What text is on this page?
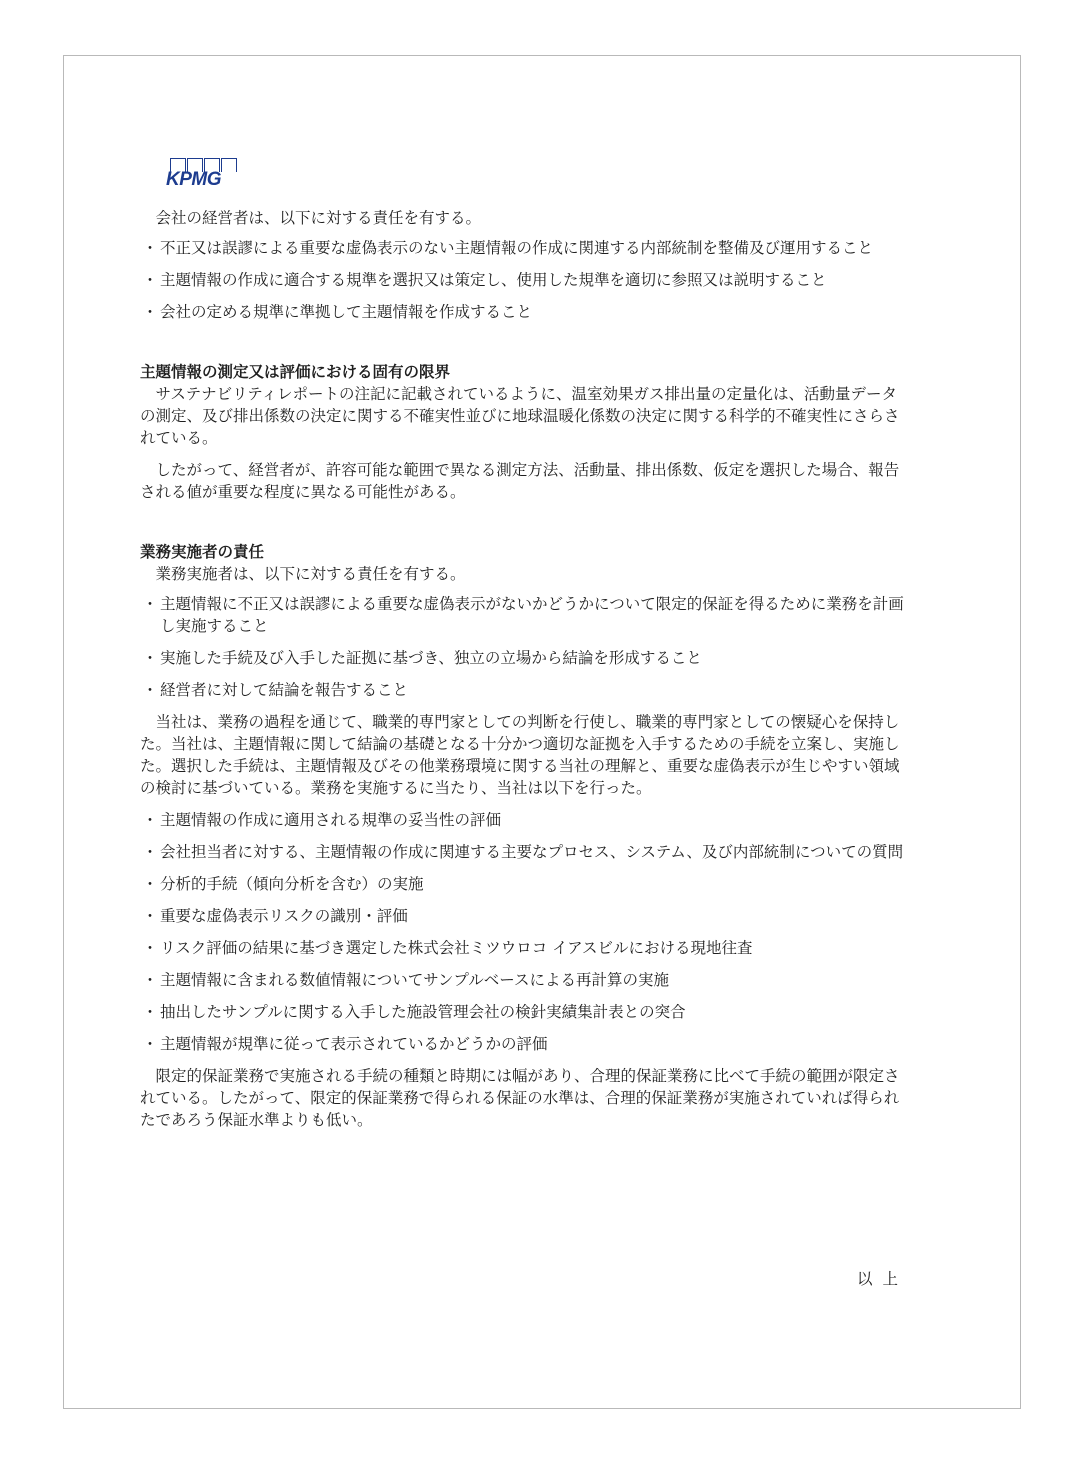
KPMG

会社の経営者は、以下に対する責任を有する。

・ 不正又は誤謬による重要な虚偽表示のない主題情報の作成に関連する内部統制を整備及び運用すること

・ 主題情報の作成に適合する規準を選択又は策定し、使用した規準を適切に参照又は説明すること

・ 会社の定める規準に準拠して主題情報を作成すること

主題情報の測定又は評価における固有の限界

サステナビリティレポートの注記に記載されているように、温室効果ガス排出量の定量化は、活動量データの測定、及び排出係数の決定に関する不確実性並びに地球温暖化係数の決定に関する科学的不確実性にさらされている。

したがって、経営者が、許容可能な範囲で異なる測定方法、活動量、排出係数、仮定を選択した場合、報告される値が重要な程度に異なる可能性がある。

業務実施者の責任

業務実施者は、以下に対する責任を有する。

・ 主題情報に不正又は誤謬による重要な虚偽表示がないかどうかについて限定的保証を得るために業務を計画し実施すること

・ 実施した手続及び入手した証拠に基づき、独立の立場から結論を形成すること

・ 経営者に対して結論を報告すること

当社は、業務の過程を通じて、職業的専門家としての判断を行使し、職業的専門家としての懐疑心を保持した。当社は、主題情報に関して結論の基礎となる十分かつ適切な証拠を入手するための手続を立案し、実施した。選択した手続は、主題情報及びその他業務環境に関する当社の理解と、重要な虚偽表示が生じやすい領域の検討に基づいている。業務を実施するに当たり、当社は以下を行った。

・ 主題情報の作成に適用される規準の妥当性の評価

・ 会社担当者に対する、主題情報の作成に関連する主要なプロセス、システム、及び内部統制についての質問

・ 分析的手続（傾向分析を含む）の実施

・ 重要な虚偽表示リスクの識別・評価

・ リスク評価の結果に基づき選定した株式会社ミツウロコ イアスビルにおける現地往査

・ 主題情報に含まれる数値情報についてサンプルベースによる再計算の実施

・ 抽出したサンプルに関する入手した施設管理会社の検針実績集計表との突合

・ 主題情報が規準に従って表示されているかどうかの評価

限定的保証業務で実施される手続の種類と時期には幅があり、合理的保証業務に比べて手続の範囲が限定されている。したがって、限定的保証業務で得られる保証の水準は、合理的保証業務が実施されていれば得られたであろう保証水準よりも低い。

以上
